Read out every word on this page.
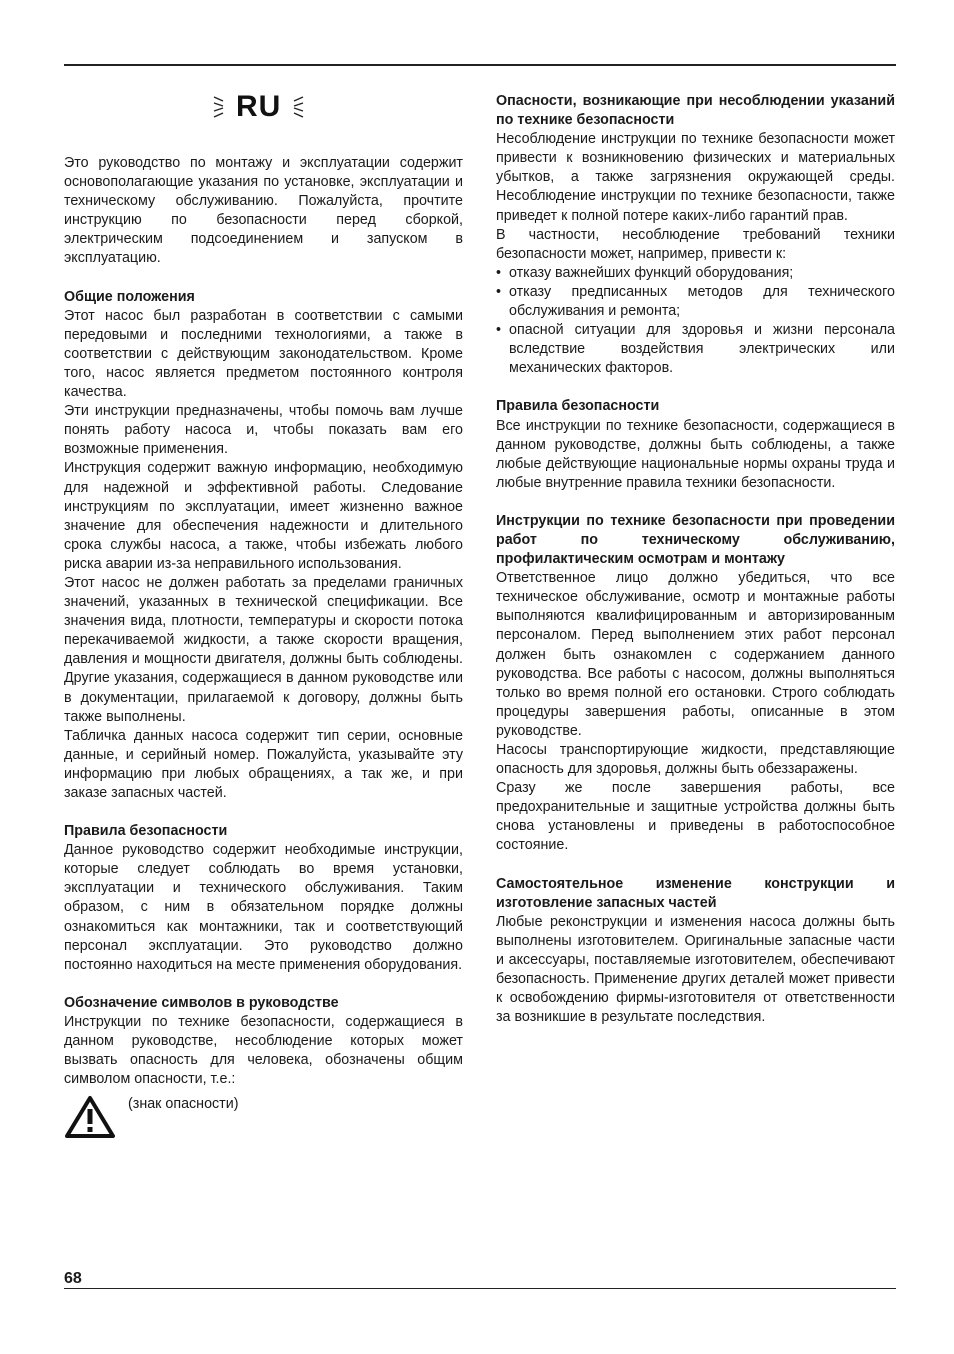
RU

Это руководство по монтажу и эксплуатации содержит основополагающие указания по установке, эксплуатации и техническому обслуживанию. Пожалуйста, прочтите инструкцию по безопасности перед сборкой, электрическим подсоединением и запуском в эксплуатацию.

Общие положения

Этот насос был разработан в соответствии с самыми передовыми и последними технологиями, а также в соответствии с действующим законодательством. Кроме того, насос является предметом постоянного контроля качества.

Эти инструкции предназначены, чтобы помочь вам лучше понять работу насоса и, чтобы показать вам его возможные применения.

Инструкция содержит важную информацию, необходимую для надежной и эффективной работы. Следование инструкциям по эксплуатации, имеет жизненно важное значение для обеспечения надежности и длительного срока службы насоса, а также, чтобы избежать любого риска аварии из-за неправильного использования.

Этот насос не должен работать за пределами граничных значений, указанных в технической спецификации. Все значения вида, плотности, температуры и скорости потока перекачиваемой жидкости, а также скорости вращения, давления и мощности двигателя, должны быть соблюдены. Другие указания, содержащиеся в данном руководстве или в документации, прилагаемой к договору, должны быть также выполнены.

Табличка данных насоса содержит тип серии, основные данные, и серийный номер. Пожалуйста, указывайте эту информацию при любых обращениях, а так же, и при заказе запасных частей.

Правила безопасности

Данное руководство содержит необходимые инструкции, которые следует соблюдать во время установки, эксплуатации и технического обслуживания. Таким образом, с ним в обязательном порядке должны ознакомиться как монтажники, так и соответствующий персонал эксплуатации. Это руководство должно постоянно находиться на месте применения оборудования.

Обозначение символов в руководстве

Инструкции по технике безопасности, содержащиеся в данном руководстве, несоблюдение которых может вызвать опасность для человека, обозначены общим символом опасности, т.е.:

(знак опасности)
Опасности, возникающие при несоблюдении указаний по технике безопасности

Несоблюдение инструкции по технике безопасности может привести к возникновению физических и материальных убытков, а также загрязнения окружающей среды. Несоблюдение инструкции по технике безопасности, также приведет к полной потере каких-либо гарантий прав.

В частности, несоблюдение требований техники безопасности может, например, привести к:

• отказу важнейших функций оборудования;
• отказу предписанных методов для технического обслуживания и ремонта;
• опасной ситуации для здоровья и жизни персонала вследствие воздействия электрических или механических факторов.
Правила безопасности

Все инструкции по технике безопасности, содержащиеся в данном руководстве, должны быть соблюдены, а также любые действующие национальные нормы охраны труда и любые внутренние правила техники безопасности.

Инструкции по технике безопасности при проведении работ по техническому обслуживанию, профилактическим осмотрам и монтажу

Ответственное лицо должно убедиться, что все техническое обслуживание, осмотр и монтажные работы выполняются квалифицированным и авторизированным персоналом. Перед выполнением этих работ персонал должен быть ознакомлен с содержанием данного руководства. Все работы с насосом, должны выполняться только во время полной его остановки. Строго соблюдать процедуры завершения работы, описанные в этом руководстве.

Насосы транспортирующие жидкости, представляющие опасность для здоровья, должны быть обеззаражены.

Сразу же после завершения работы, все предохранительные и защитные устройства должны быть снова установлены и приведены в работоспособное состояние.

Самостоятельное изменение конструкции и изготовление запасных частей

Любые реконструкции и изменения насоса должны быть выполнены изготовителем. Оригинальные запасные части и аксессуары, поставляемые изготовителем, обеспечивают безопасность. Применение других деталей может привести к освобождению фирмы-изготовителя от ответственности за возникшие в результате последствия.

68
